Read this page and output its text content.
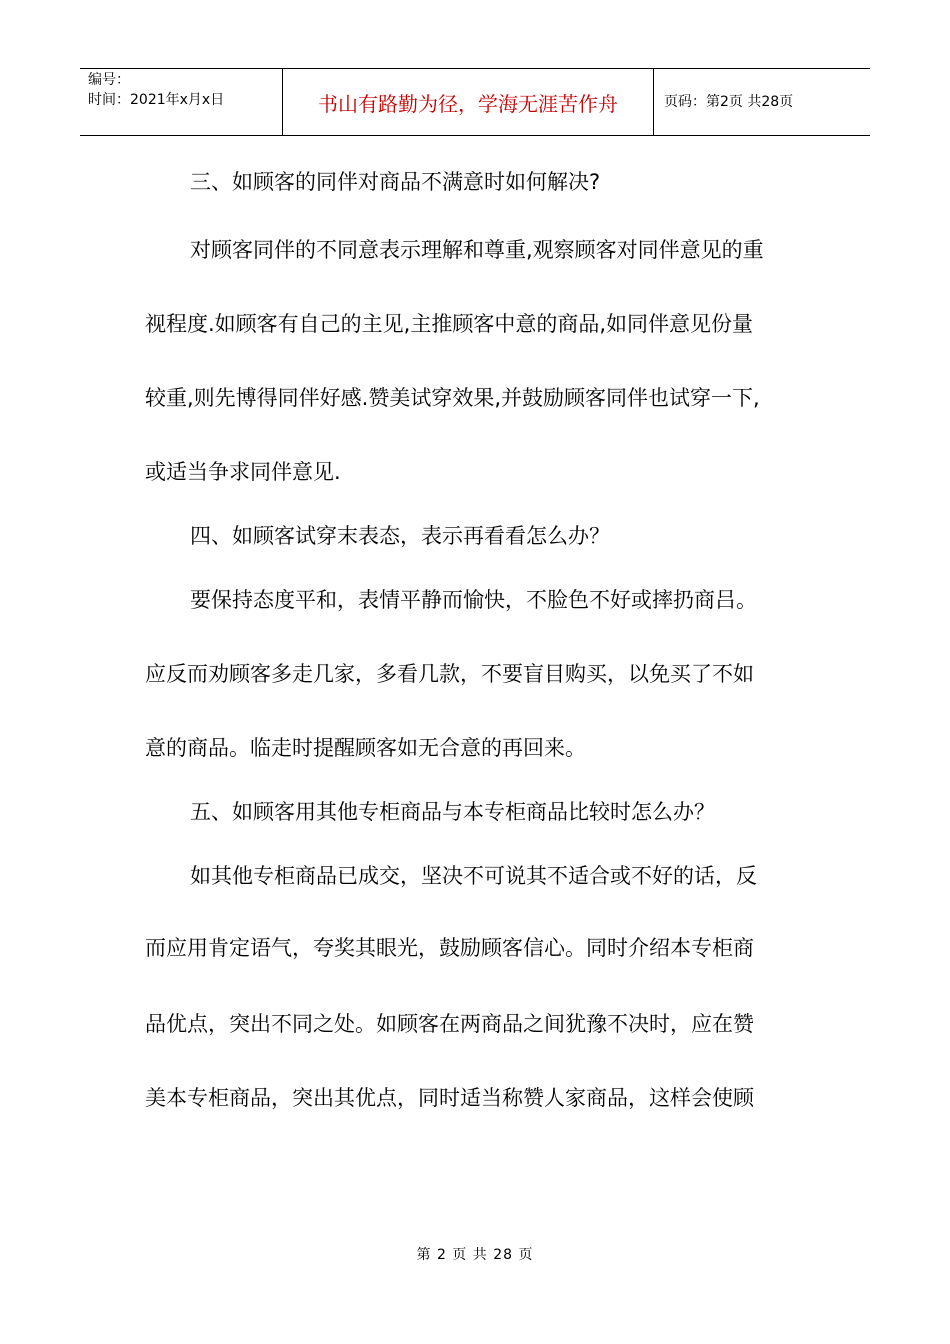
编号：
时间：2021年x月x日	书山有路勤为径，学海无涯苦作舟	页码：第2页 共28页
三、如顾客的同伴对商品不满意时如何解决?
对顾客同伴的不同意表示理解和尊重,观察顾客对同伴意见的重
视程度.如顾客有自己的主见,主推顾客中意的商品,如同伴意见份量
较重,则先博得同伴好感.赞美试穿效果,并鼓励顾客同伴也试穿一下,
或适当争求同伴意见.
四、如顾客试穿末表态，表示再看看怎么办？
要保持态度平和，表情平静而愉快，不脸色不好或摔扔商吕。
应反而劝顾客多走几家，多看几款，不要盲目购买，以免买了不如
意的商品。临走时提醒顾客如无合意的再回来。
五、如顾客用其他专柜商品与本专柜商品比较时怎么办？
如其他专柜商品已成交，坚决不可说其不适合或不好的话，反
而应用肯定语气，夸奖其眼光，鼓励顾客信心。同时介绍本专柜商
品优点，突出不同之处。如顾客在两商品之间犹豫不决时，应在赞
美本专柜商品，突出其优点，同时适当称赞人家商品，这样会使顾
第 2 页 共 28 页
